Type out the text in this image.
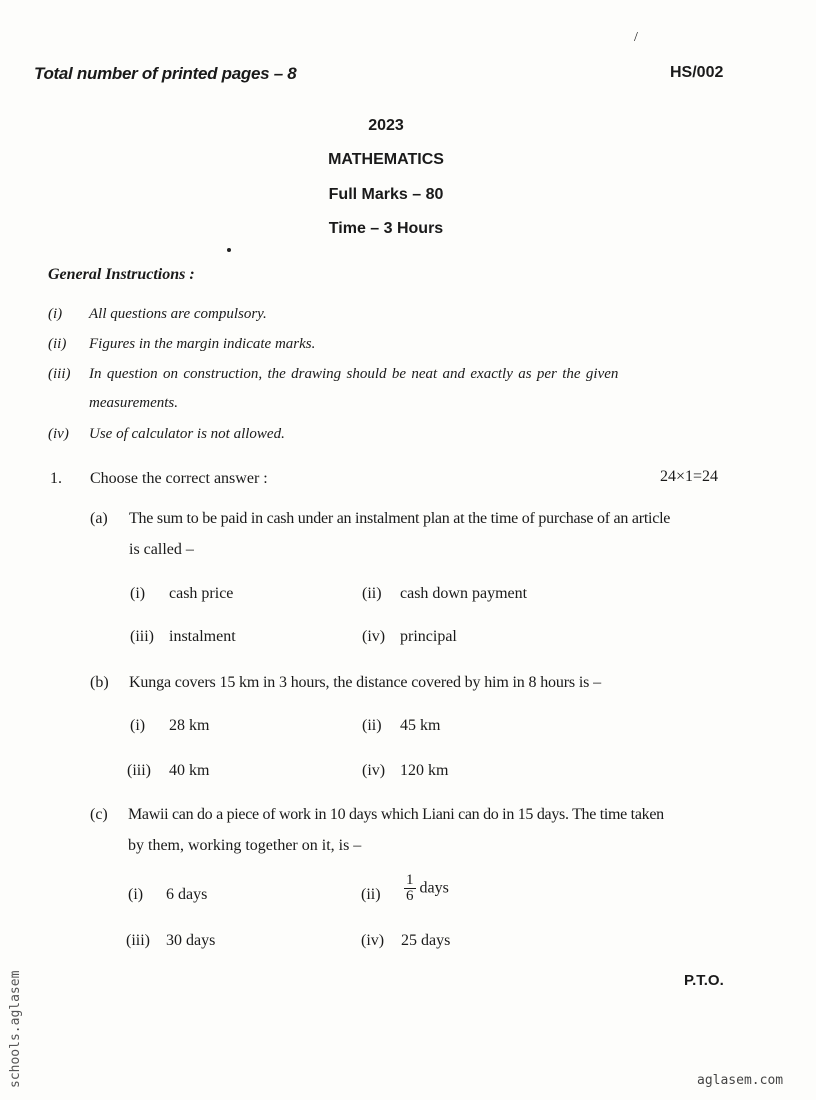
Total number of printed pages – 8	HS/002
/
2023
MATHEMATICS
Full Marks – 80
Time – 3 Hours
General Instructions :
(i) All questions are compulsory.
(ii) Figures in the margin indicate marks.
(iii) In question on construction, the drawing should be neat and exactly as per the given
measurements.
(iv) Use of calculator is not allowed.
1. Choose the correct answer :	24×1=24
(a) The sum to be paid in cash under an instalment plan at the time of purchase of an article
is called –
(i) cash price	(ii) cash down payment
(iii) instalment	(iv) principal
(b) Kunga covers 15 km in 3 hours, the distance covered by him in 8 hours is –
(i) 28 km	(ii) 45 km
(iii) 40 km	(iv) 120 km
(c) Mawii can do a piece of work in 10 days which Liani can do in 15 days. The time taken
by them, working together on it, is –
(i) 6 days	$(ii) \frac{1}{6}$ days
(iii) 30 days	(iv) 25 days
P.T.O.
schools.aglasem	aglasem.com
